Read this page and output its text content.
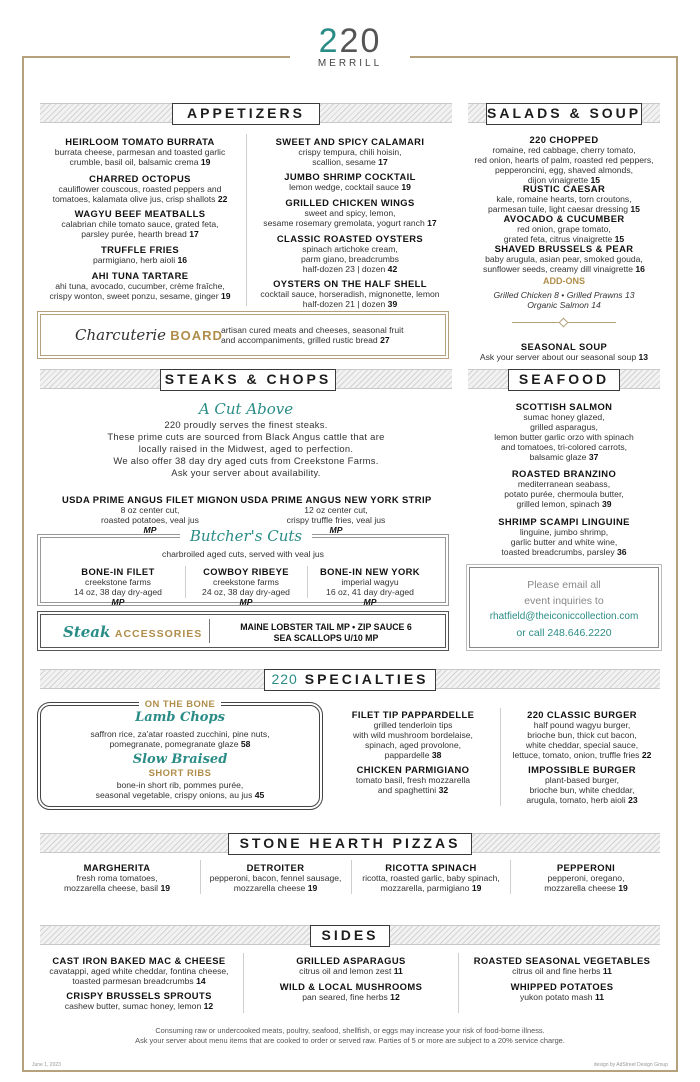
220
MERRILL
APPETIZERS
HEIRLOOM TOMATO BURRATA
burrata cheese, parmesan and toasted garlic
crumble, basil oil, balsamic crema 19
CHARRED OCTOPUS
cauliflower couscous, roasted peppers and
tomatoes, kalamata olive jus, crisp shallots 22
WAGYU BEEF MEATBALLS
calabrian chile tomato sauce, grated feta,
parsley purée, hearth bread 17
TRUFFLE FRIES
parmigiano, herb aioli 16
AHI TUNA TARTARE
ahi tuna, avocado, cucumber, crème fraîche,
crispy wonton, sweet ponzu, sesame, ginger 19
SWEET AND SPICY CALAMARI
crispy tempura, chili hoisin,
scallion, sesame 17
JUMBO SHRIMP COCKTAIL
lemon wedge, cocktail sauce 19
GRILLED CHICKEN WINGS
sweet and spicy, lemon,
sesame rosemary gremolata, yogurt ranch 17
CLASSIC ROASTED OYSTERS
spinach artichoke cream,
parm giano, breadcrumbs
half-dozen 23 | dozen 42
OYSTERS ON THE HALF SHELL
cocktail sauce, horseradish, mignonette, lemon
half-dozen 21 | dozen 39
Charcuterie BOARD
artisan cured meats and cheeses, seasonal fruit
and accompaniments, grilled rustic bread 27
SALADS & SOUP
220 CHOPPED
romaine, red cabbage, cherry tomato,
red onion, hearts of palm, roasted red peppers,
pepperoncini, egg, shaved almonds,
dijon vinaigrette 15
RUSTIC CAESAR
kale, romaine hearts, torn croutons,
parmesan tuile, light caesar dressing 15
AVOCADO & CUCUMBER
red onion, grape tomato,
grated feta, citrus vinaigrette 15
SHAVED BRUSSELS & PEAR
baby arugula, asian pear, smoked gouda,
sunflower seeds, creamy dill vinaigrette 16
ADD-ONS
Grilled Chicken 8 • Grilled Prawns 13
Organic Salmon 14
SEASONAL SOUP
Ask your server about our seasonal soup 13
STEAKS & CHOPS
A Cut Above
220 proudly serves the finest steaks.
These prime cuts are sourced from Black Angus cattle that are
locally raised in the Midwest, aged to perfection.
We also offer 38 day dry aged cuts from Creekstone Farms.
Ask your server about availability.
USDA PRIME ANGUS FILET MIGNON
8 oz center cut,
roasted potatoes, veal jus
MP
USDA PRIME ANGUS NEW YORK STRIP
12 oz center cut,
crispy truffle fries, veal jus
MP
Butcher's Cuts
charbroiled aged cuts, served with veal jus
BONE-IN FILET
creekstone farms
14 oz, 38 day dry-aged
MP
COWBOY RIBEYE
creekstone farms
24 oz, 38 day dry-aged
MP
BONE-IN NEW YORK
imperial wagyu
16 oz, 41 day dry-aged
MP
Steak ACCESSORIES
MAINE LOBSTER TAIL MP • ZIP SAUCE 6
SEA SCALLOPS U/10 MP
SEAFOOD
SCOTTISH SALMON
sumac honey glazed,
grilled asparagus,
lemon butter garlic orzo with spinach
and tomatoes, tri-colored carrots,
balsamic glaze 37
ROASTED BRANZINO
mediterranean seabass,
potato purée, chermoula butter,
grilled lemon, spinach 39
SHRIMP SCAMPI LINGUINE
linguine, jumbo shrimp,
garlic butter and white wine,
toasted breadcrumbs, parsley 36
Please email all
event inquiries to
rhatfield@theiconiccollection.com
or call 248.646.2220
220 SPECIALTIES
ON THE BONE
Lamb Chops
saffron rice, za'atar roasted zucchini, pine nuts,
pomegranate, pomegranate glaze 58
Slow Braised
SHORT RIBS
bone-in short rib, pommes purée,
seasonal vegetable, crispy onions, au jus 45
FILET TIP PAPPARDELLE
grilled tenderloin tips
with wild mushroom bordelaise,
spinach, aged provolone,
pappardelle 38
CHICKEN PARMIGIANO
tomato basil, fresh mozzarella
and spaghettini 32
220 CLASSIC BURGER
half pound wagyu burger,
brioche bun, thick cut bacon,
white cheddar, special sauce,
lettuce, tomato, onion, truffle fries 22
IMPOSSIBLE BURGER
plant-based burger,
brioche bun, white cheddar,
arugula, tomato, herb aioli 23
STONE HEARTH PIZZAS
MARGHERITA
fresh roma tomatoes,
mozzarella cheese, basil 19
DETROITER
pepperoni, bacon, fennel sausage,
mozzarella cheese 19
RICOTTA SPINACH
ricotta, roasted garlic, baby spinach,
mozzarella, parmigiano 19
PEPPERONI
pepperoni, oregano,
mozzarella cheese 19
SIDES
CAST IRON BAKED MAC & CHEESE
cavatappi, aged white cheddar, fontina cheese,
toasted parmesan breadcrumbs 14
CRISPY BRUSSELS SPROUTS
cashew butter, sumac honey, lemon 12
GRILLED ASPARAGUS
citrus oil and lemon zest 11
WILD & LOCAL MUSHROOMS
pan seared, fine herbs 12
ROASTED SEASONAL VEGETABLES
citrus oil and fine herbs 11
WHIPPED POTATOES
yukon potato mash 11
Consuming raw or undercooked meats, poultry, seafood, shellfish, or eggs may increase your risk of food-borne illness.
Ask your server about menu items that are cooked to order or served raw. Parties of 5 or more are subject to a 20% service charge.
June 1, 2023	design by AdStreet Design Group
